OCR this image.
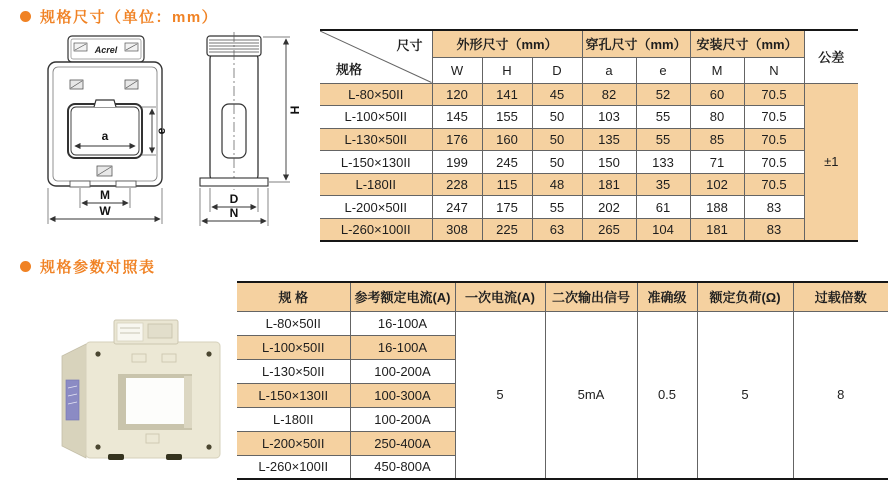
规格尺寸（单位：mm）
Acrel
a	e
M
W
H
D
N
尺寸
规格	外形尺寸（mm）			穿孔尺寸（mm）		安装尺寸（mm）		公差
	W	H	D	a	e	M	N	
L-80×50II	120	141	45	82	52	60	70.5	±1
L-100×50II	145	155	50	103	55	80	70.5	
L-130×50II	176	160	50	135	55	85	70.5	
L-150×130II	199	245	50	150	133	71	70.5	
L-180II	228	115	48	181	35	102	70.5	
L-200×50II	247	175	55	202	61	188	83	
L-260×100II	308	225	63	265	104	181	83	
规格参数对照表
规 格	参考额定电流(A)	一次电流(A)	二次输出信号	准确级	额定负荷(Ω)	过载倍数
L-80×50II	16-100A	5	5mA	0.5	5	8
L-100×50II	16-100A					
L-130×50II	100-200A					
L-150×130II	100-300A					
L-180II	100-200A					
L-200×50II	250-400A					
L-260×100II	450-800A					
